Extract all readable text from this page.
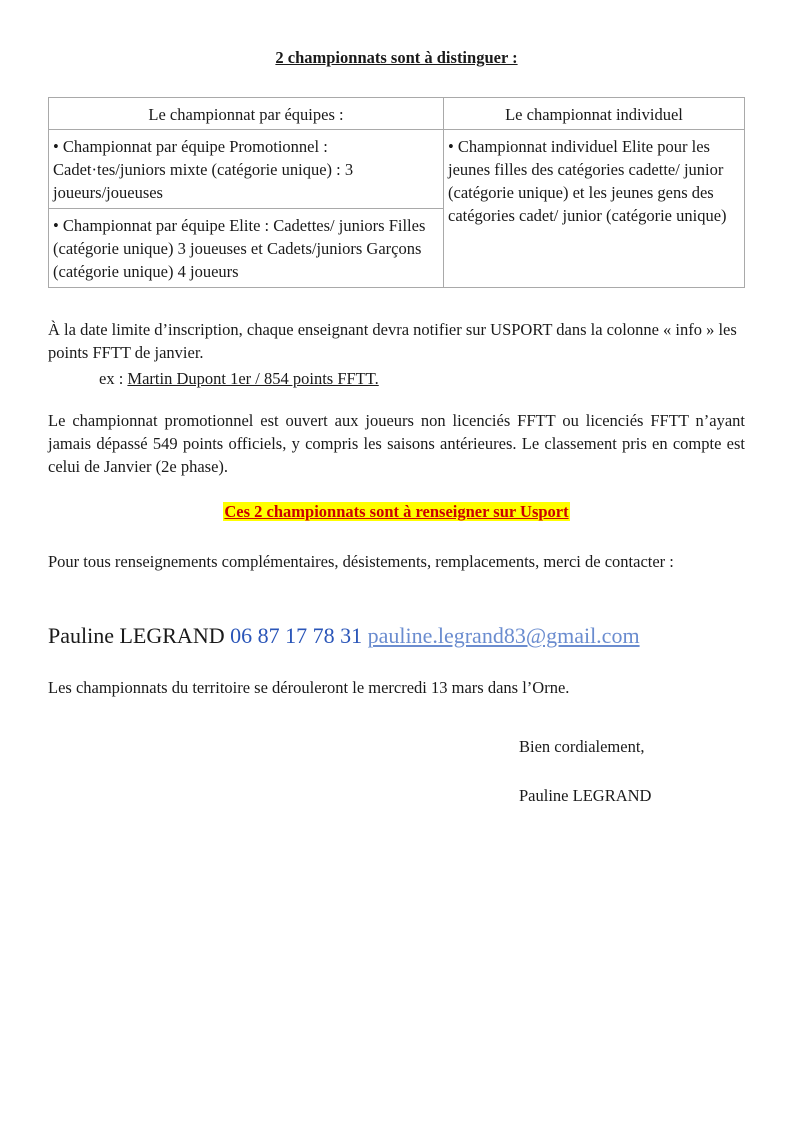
2 championnats sont à distinguer :
Le championnat par équipes :	Le championnat individuel
• Championnat par équipe Promotionnel : Cadet·tes/juniors mixte (catégorie unique) : 3 joueurs/joueuses	• Championnat individuel Elite pour les jeunes filles des catégories cadette/ junior (catégorie unique) et les jeunes gens des catégories cadet/ junior (catégorie unique)

• Championnat par équipe Elite : Cadettes/ juniors Filles (catégorie unique) 3 joueuses et Cadets/juniors Garçons (catégorie unique) 4 joueurs	
À la date limite d’inscription, chaque enseignant devra notifier sur USPORT dans la colonne « info » les points FFTT de janvier.
ex : Martin Dupont 1er / 854 points FFTT.
Le championnat promotionnel est ouvert aux joueurs non licenciés FFTT ou licenciés FFTT n’ayant jamais dépassé 549 points officiels, y compris les saisons antérieures. Le classement pris en compte est celui de Janvier (2e phase).
Ces 2 championnats sont à renseigner sur Usport
Pour tous renseignements complémentaires, désistements, remplacements, merci de contacter :
Pauline LEGRAND 06 87 17 78 31 pauline.legrand83@gmail.com
Les championnats du territoire se dérouleront le mercredi 13 mars dans l’Orne.
Bien cordialement,
Pauline LEGRAND
